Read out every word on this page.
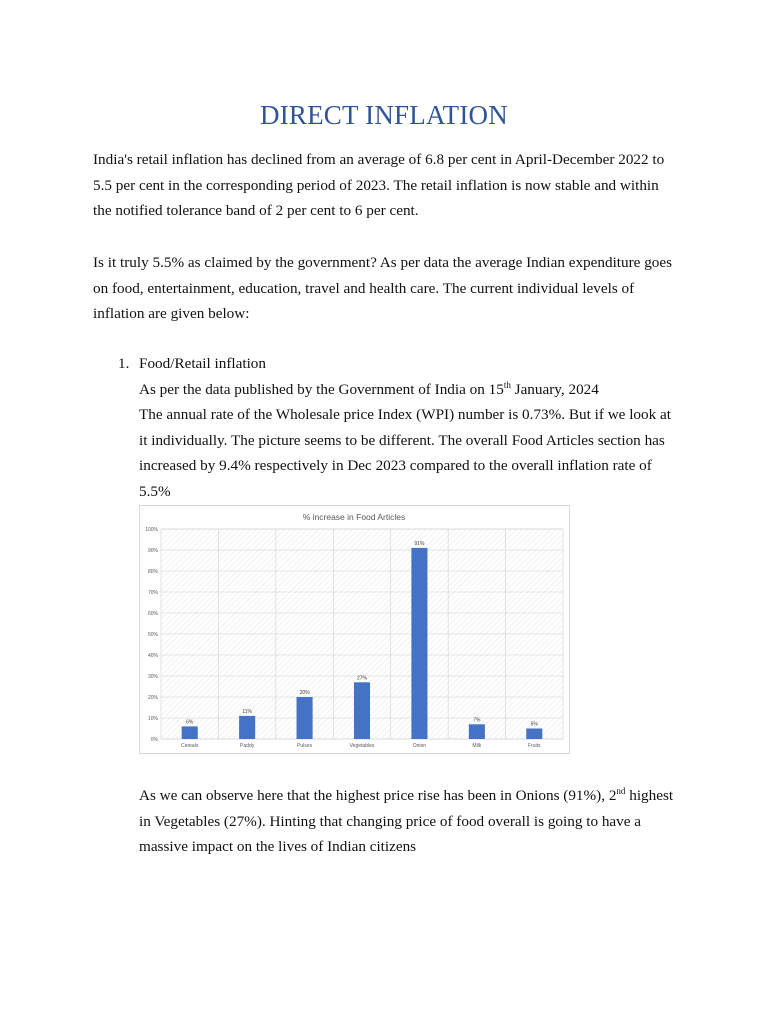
DIRECT INFLATION
India's retail inflation has declined from an average of 6.8 per cent in April-December 2022 to 5.5 per cent in the corresponding period of 2023. The retail inflation is now stable and within the notified tolerance band of 2 per cent to 6 per cent.
Is it truly 5.5% as claimed by the government? As per data the average Indian expenditure goes on food, entertainment, education, travel and health care. The current individual levels of inflation are given below:
1. Food/Retail inflation

As per the data published by the Government of India on 15th January, 2024

The annual rate of the Wholesale price Index (WPI) number is 0.73%. But if we look at it individually. The picture seems to be different. The overall Food Articles section has increased by 9.4% respectively in Dec 2023 compared to the overall inflation rate of 5.5%

% increase in Food Articles
0%
10%
20%
30%
40%
50%
60%
70%
80%
90%
100%
6%
11%
20%
27%
91%
7%
5%
Cereals	Paddy	Pulses	Vegetables	Onion	Milk	Fruits

As we can observe here that the highest price rise has been in Onions (91%), 2nd highest in Vegetables (27%). Hinting that changing price of food overall is going to have a massive impact on the lives of Indian citizens
